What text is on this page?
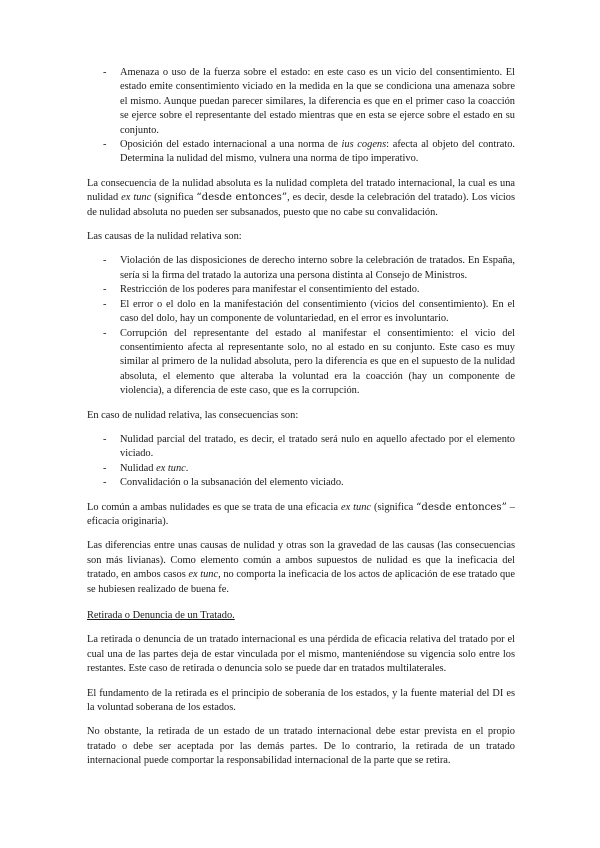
- Amenaza o uso de la fuerza sobre el estado: en este caso es un vicio del consentimiento. El estado emite consentimiento viciado en la medida en la que se condiciona una amenaza sobre el mismo. Aunque puedan parecer similares, la diferencia es que en el primer caso la coacción se ejerce sobre el representante del estado mientras que en esta se ejerce sobre el estado en su conjunto.
- Oposición del estado internacional a una norma de ius cogens: afecta al objeto del contrato. Determina la nulidad del mismo, vulnera una norma de tipo imperativo.

La consecuencia de la nulidad absoluta es la nulidad completa del tratado internacional, la cual es una nulidad ex tunc (significa “desde entonces”, es decir, desde la celebración del tratado). Los vicios de nulidad absoluta no pueden ser subsanados, puesto que no cabe su convalidación.

Las causas de la nulidad relativa son:

- Violación de las disposiciones de derecho interno sobre la celebración de tratados. En España, sería si la firma del tratado la autoriza una persona distinta al Consejo de Ministros.
- Restricción de los poderes para manifestar el consentimiento del estado.
- El error o el dolo en la manifestación del consentimiento (vicios del consentimiento). En el caso del dolo, hay un componente de voluntariedad, en el error es involuntario.
- Corrupción del representante del estado al manifestar el consentimiento: el vicio del consentimiento afecta al representante solo, no al estado en su conjunto. Este caso es muy similar al primero de la nulidad absoluta, pero la diferencia es que en el supuesto de la nulidad absoluta, el elemento que alteraba la voluntad era la coacción (hay un componente de violencia), a diferencia de este caso, que es la corrupción.

En caso de nulidad relativa, las consecuencias son:

- Nulidad parcial del tratado, es decir, el tratado será nulo en aquello afectado por el elemento viciado.
- Nulidad ex tunc.
- Convalidación o la subsanación del elemento viciado.

Lo común a ambas nulidades es que se trata de una eficacia ex tunc (significa “desde entonces” – eficacia originaria).

Las diferencias entre unas causas de nulidad y otras son la gravedad de las causas (las consecuencias son más livianas). Como elemento común a ambos supuestos de nulidad es que la ineficacia del tratado, en ambos casos ex tunc, no comporta la ineficacia de los actos de aplicación de ese tratado que se hubiesen realizado de buena fe.

Retirada o Denuncia de un Tratado.

La retirada o denuncia de un tratado internacional es una pérdida de eficacia relativa del tratado por el cual una de las partes deja de estar vinculada por el mismo, manteniéndose su vigencia solo entre los restantes. Este caso de retirada o denuncia solo se puede dar en tratados multilaterales.

El fundamento de la retirada es el principio de soberanía de los estados, y la fuente material del DI es la voluntad soberana de los estados.

No obstante, la retirada de un estado de un tratado internacional debe estar prevista en el propio tratado o debe ser aceptada por las demás partes. De lo contrario, la retirada de un tratado internacional puede comportar la responsabilidad internacional de la parte que se retira.
